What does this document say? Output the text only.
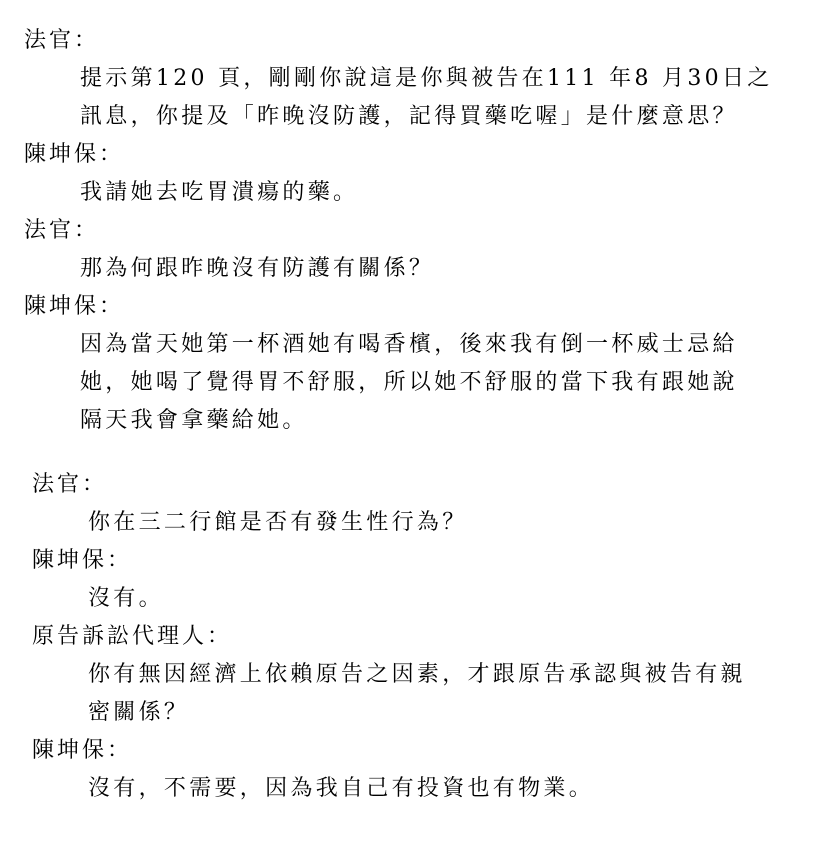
法官：
提示第120 頁，剛剛你說這是你與被告在111 年8 月30日之
訊息，你提及「昨晚沒防護，記得買藥吃喔」是什麼意思？
陳坤保：
我請她去吃胃潰瘍的藥。
法官：
那為何跟昨晚沒有防護有關係？
陳坤保：
因為當天她第一杯酒她有喝香檳，後來我有倒一杯威士忌給
她，她喝了覺得胃不舒服，所以她不舒服的當下我有跟她說
隔天我會拿藥給她。
法官：
你在三二行館是否有發生性行為？
陳坤保：
沒有。
原告訴訟代理人：
你有無因經濟上依賴原告之因素，才跟原告承認與被告有親
密關係？
陳坤保：
沒有，不需要，因為我自己有投資也有物業。
